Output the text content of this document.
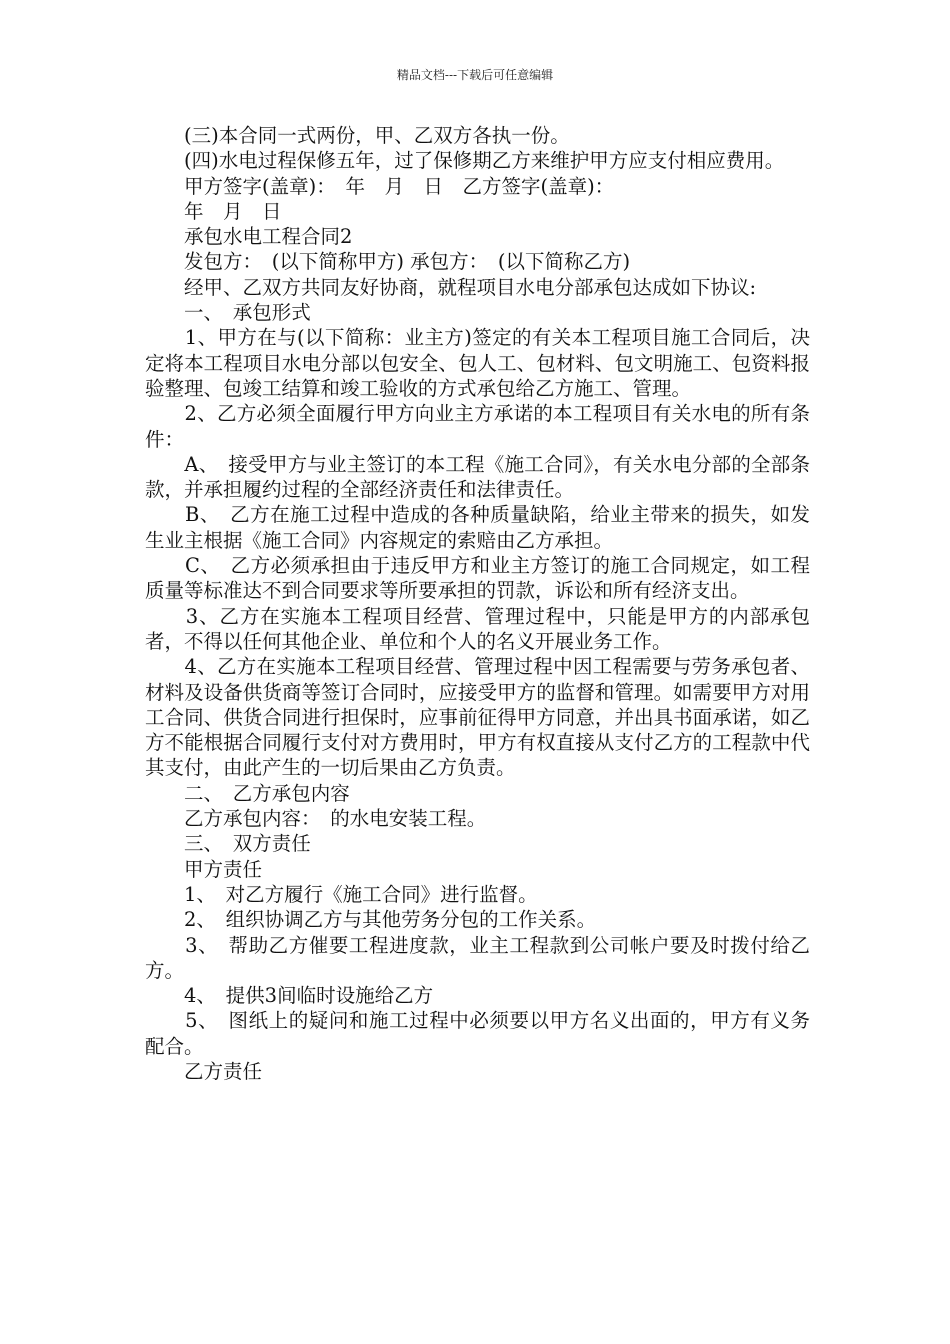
精品文档---下载后可任意编辑

　　(三)本合同一式两份，甲、乙双方各执一份。

　　(四)水电过程保修五年，过了保修期乙方来维护甲方应支付相应费用。

　　甲方签字(盖章)：　年　月　日　乙方签字(盖章)：

　　年　月　日

　　承包水电工程合同2

　　发包方：　(以下简称甲方) 承包方：　(以下简称乙方)

　　经甲、乙双方共同友好协商，就程项目水电分部承包达成如下协议:

　　一、　承包形式

　　1、甲方在与(以下简称：业主方)签定的有关本工程项目施工合同后，决定将本工程项目水电分部以包安全、包人工、包材料、包文明施工、包资料报验整理、包竣工结算和竣工验收的方式承包给乙方施工、管理。

　　2、乙方必须全面履行甲方向业主方承诺的本工程项目有关水电的所有条件：

　　A、　接受甲方与业主签订的本工程《施工合同》，有关水电分部的全部条款，并承担履约过程的全部经济责任和法律责任。

　　B、　乙方在施工过程中造成的各种质量缺陷，给业主带来的损失，如发生业主根据《施工合同》内容规定的索赔由乙方承担。

　　C、　乙方必须承担由于违反甲方和业主方签订的施工合同规定，如工程质量等标准达不到合同要求等所要承担的罚款，诉讼和所有经济支出。

　　3、乙方在实施本工程项目经营、管理过程中，只能是甲方的内部承包者，不得以任何其他企业、单位和个人的名义开展业务工作。

　　4、乙方在实施本工程项目经营、管理过程中因工程需要与劳务承包者、材料及设备供货商等签订合同时，应接受甲方的监督和管理。如需要甲方对用工合同、供货合同进行担保时，应事前征得甲方同意，并出具书面承诺，如乙方不能根据合同履行支付对方费用时，甲方有权直接从支付乙方的工程款中代其支付，由此产生的一切后果由乙方负责。

　　二、　乙方承包内容

　　乙方承包内容：　的水电安装工程。

　　三、　双方责任

　　甲方责任

　　1、　对乙方履行《施工合同》进行监督。

　　2、　组织协调乙方与其他劳务分包的工作关系。

　　3、　帮助乙方催要工程进度款，业主工程款到公司帐户要及时拨付给乙方。

　　4、　提供3间临时设施给乙方

　　5、　图纸上的疑问和施工过程中必须要以甲方名义出面的，甲方有义务配合。

　　乙方责任
